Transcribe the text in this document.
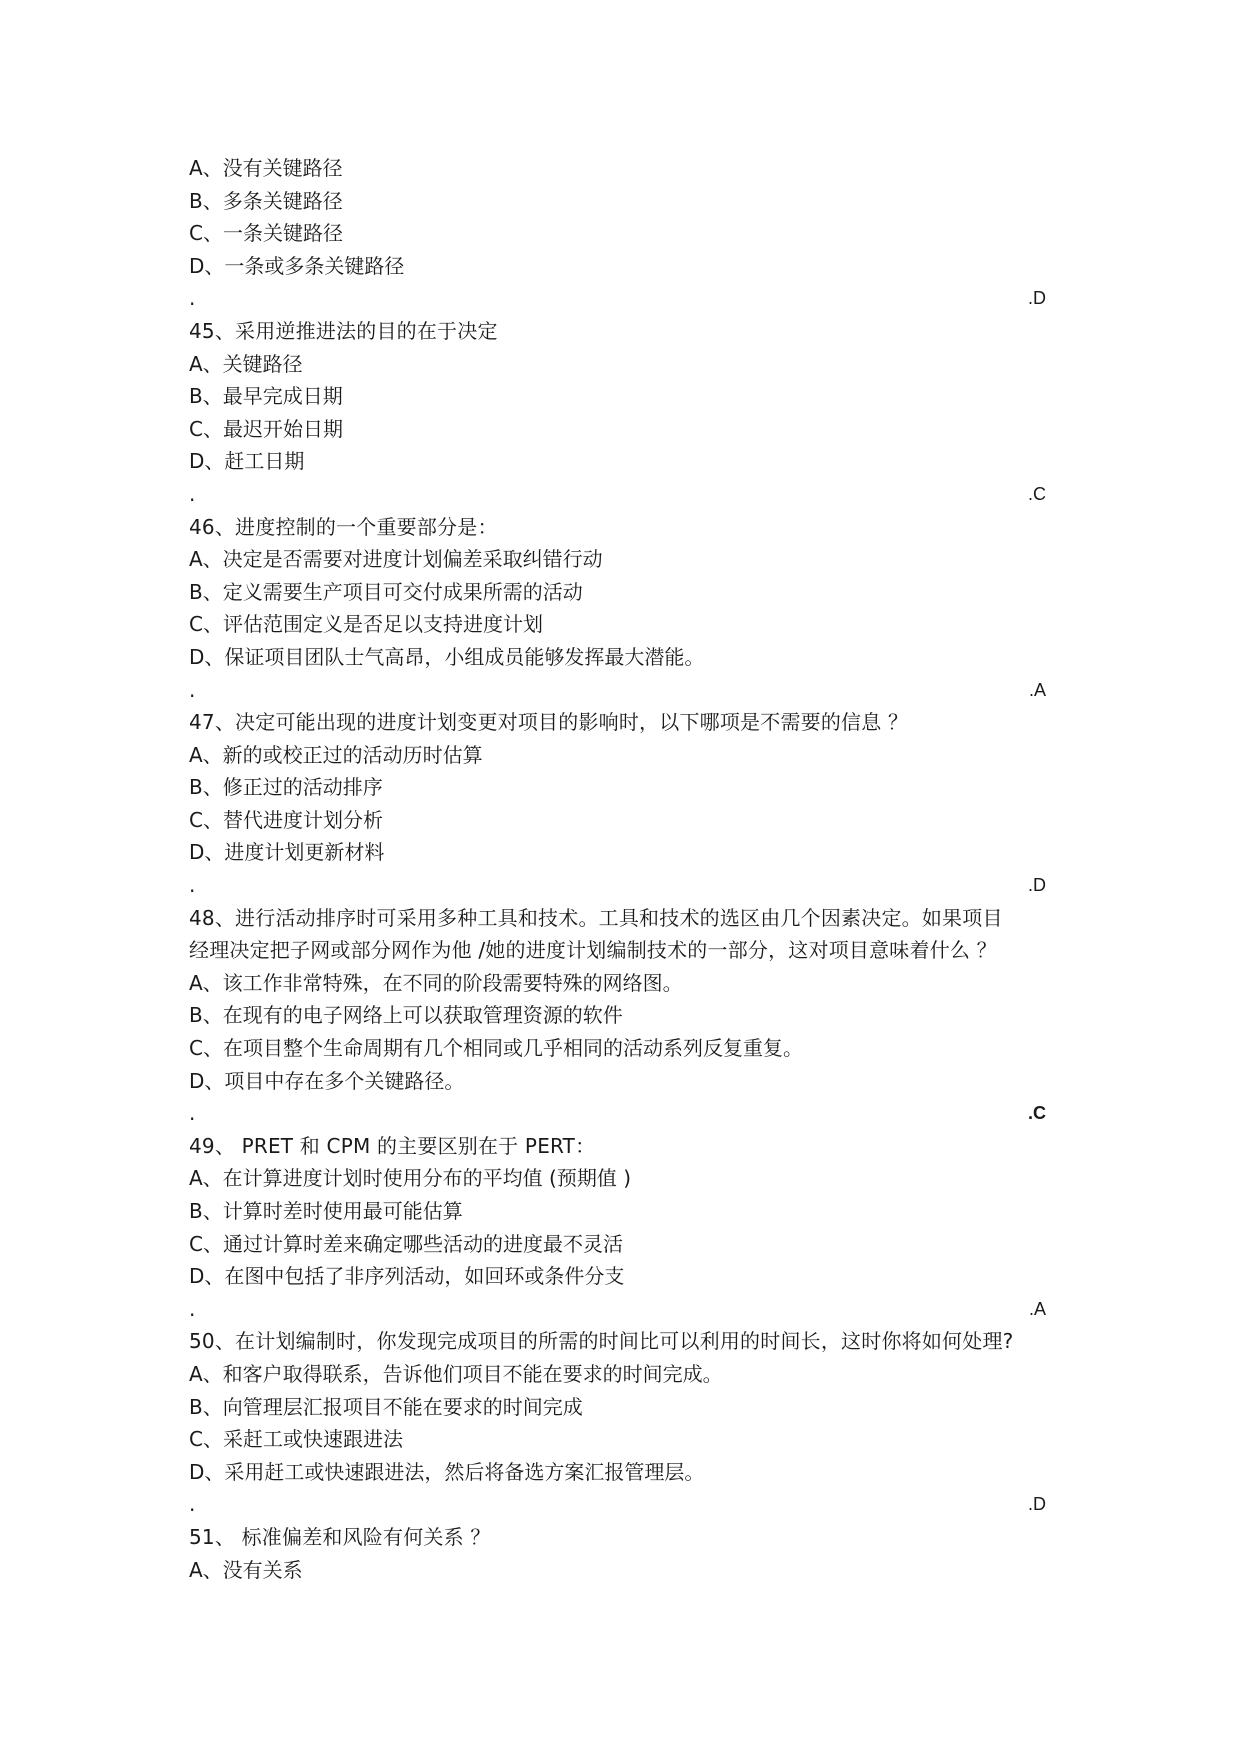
A、没有关键路径
B、多条关键路径
C、一条关键路径
D、一条或多条关键路径
.	.D
45、采用逆推进法的目的在于决定
A、关键路径
B、最早完成日期
C、最迟开始日期
D、赶工日期
.	.C
46、进度控制的一个重要部分是：
A、决定是否需要对进度计划偏差采取纠错行动
B、定义需要生产项目可交付成果所需的活动
C、评估范围定义是否足以支持进度计划
D、保证项目团队士气高昂，小组成员能够发挥最大潜能。
.	.A
47、决定可能出现的进度计划变更对项目的影响时，以下哪项是不需要的信息 ？
A、新的或校正过的活动历时估算
B、修正过的活动排序
C、替代进度计划分析
D、进度计划更新材料
.	.D
48、进行活动排序时可采用多种工具和技术。工具和技术的选区由几个因素决定。如果项目
经理决定把子网或部分网作为他 /她的进度计划编制技术的一部分，这对项目意味着什么 ？
A、该工作非常特殊，在不同的阶段需要特殊的网络图。
B、在现有的电子网络上可以获取管理资源的软件
C、在项目整个生命周期有几个相同或几乎相同的活动系列反复重复。
D、项目中存在多个关键路径。
.	.C
49、 PRET 和 CPM 的主要区别在于 PERT：
A、在计算进度计划时使用分布的平均值 (预期值 )
B、计算时差时使用最可能估算
C、通过计算时差来确定哪些活动的进度最不灵活
D、在图中包括了非序列活动，如回环或条件分支
.	.A
50、在计划编制时，你发现完成项目的所需的时间比可以利用的时间长，这时你将如何处理?
A、和客户取得联系，告诉他们项目不能在要求的时间完成。
B、向管理层汇报项目不能在要求的时间完成
C、采赶工或快速跟进法
D、采用赶工或快速跟进法，然后将备选方案汇报管理层。
.	.D
51、 标准偏差和风险有何关系 ？
A、没有关系
